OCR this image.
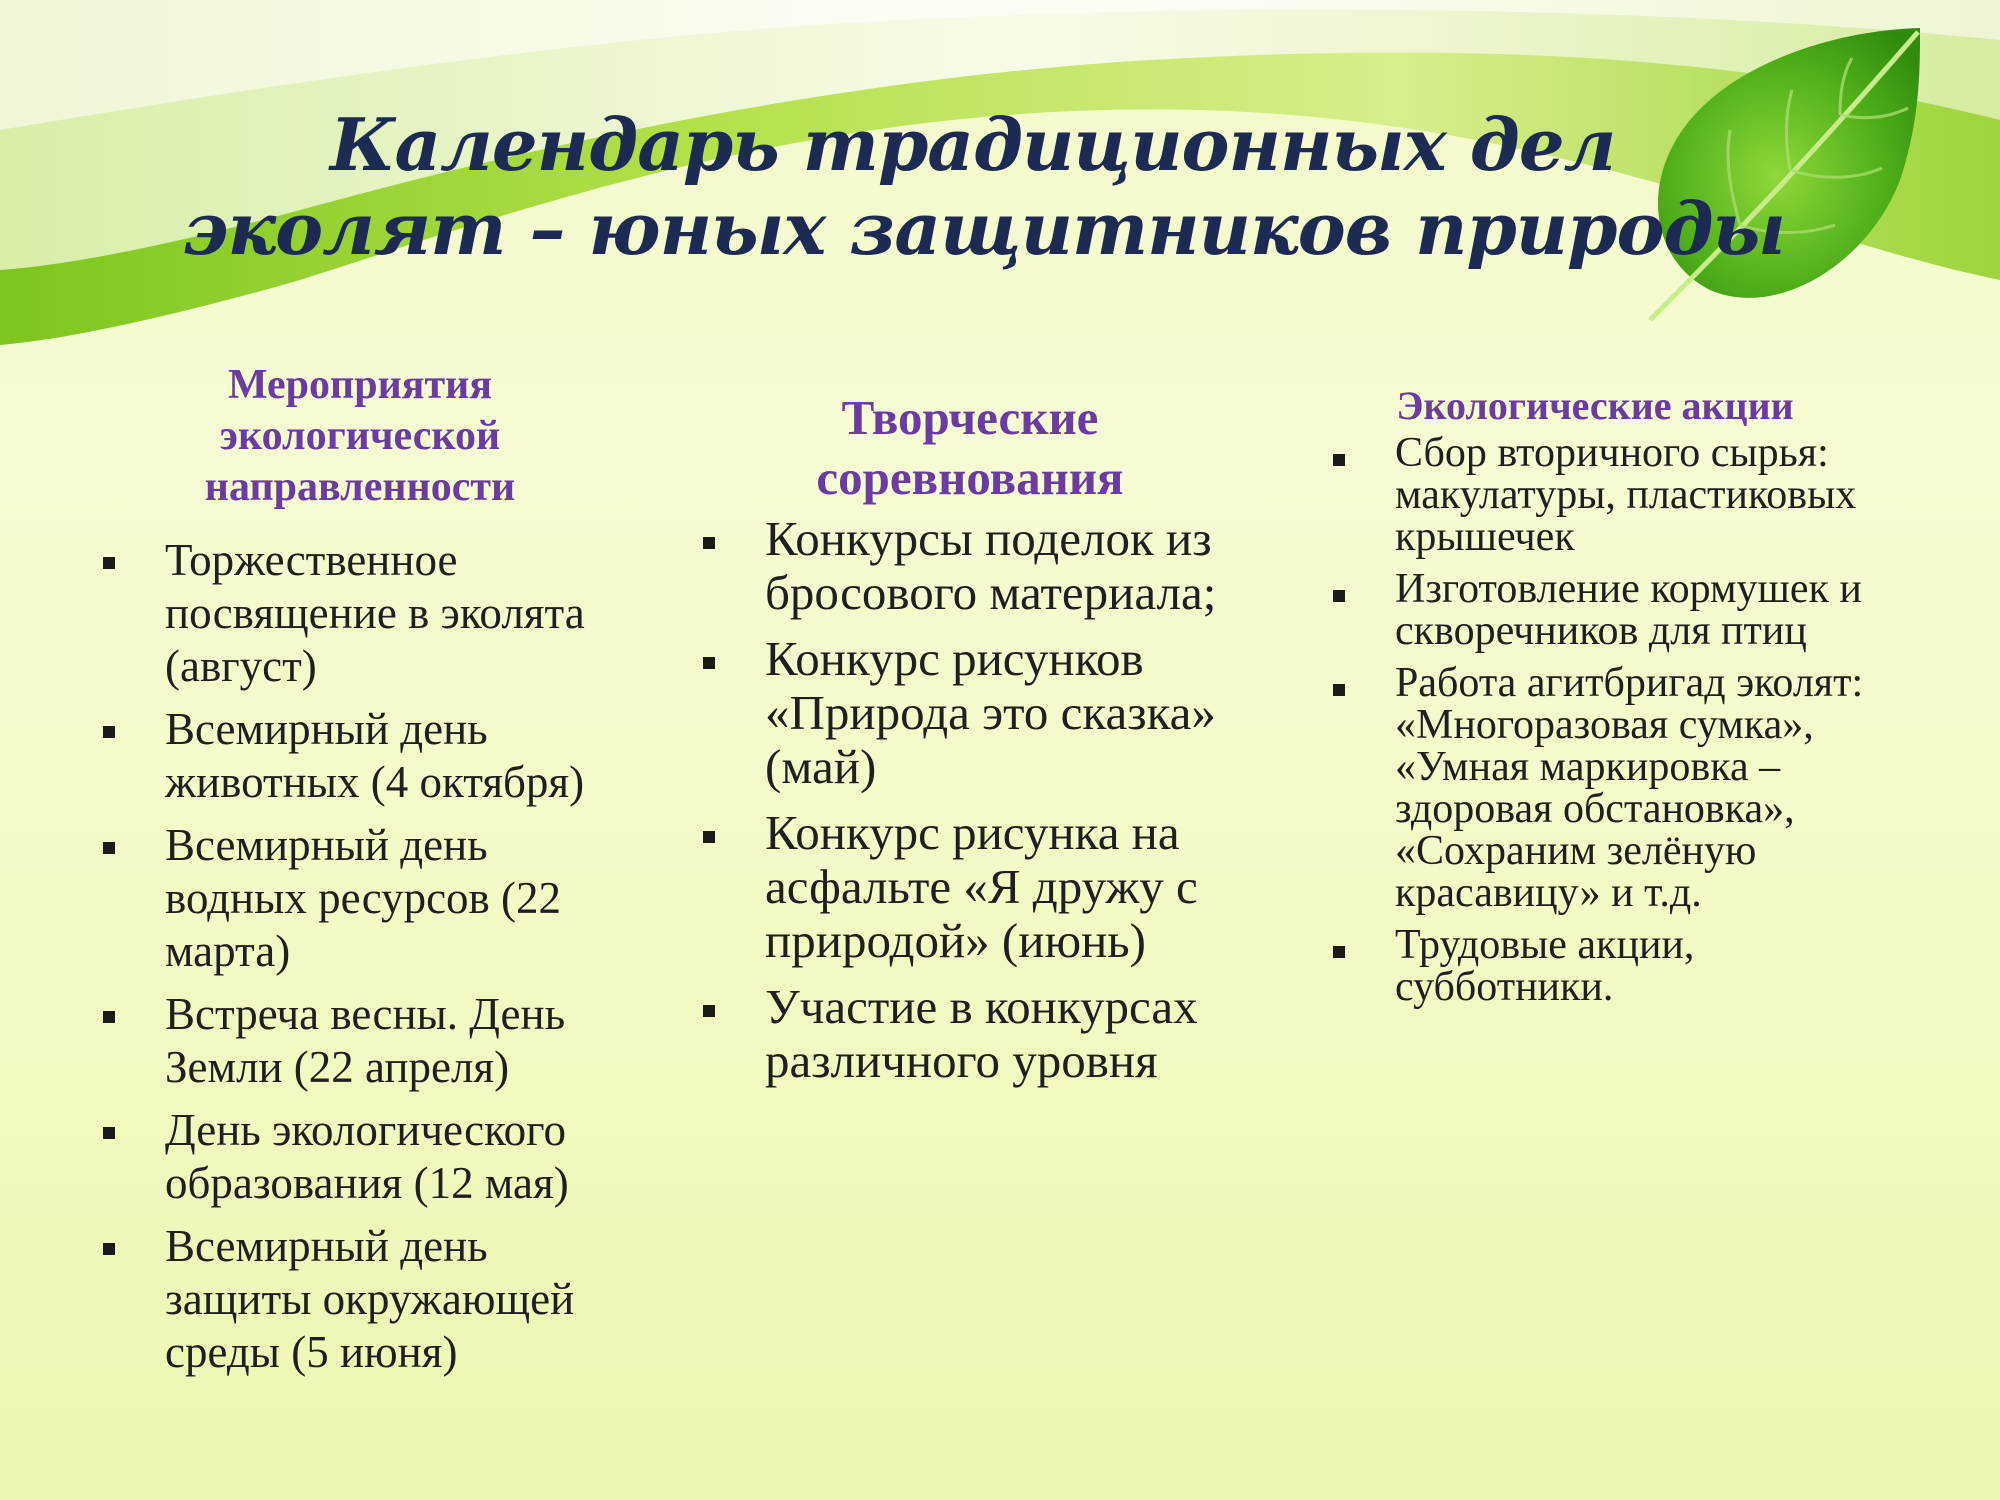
Календарь традиционных дел
эколят – юных защитников природы
Мероприятия
экологической
направленности
Торжественное посвящение в эколята (август)
Всемирный день животных (4 октября)
Всемирный день водных ресурсов (22 марта)
Встреча весны. День Земли (22 апреля)
День экологического образования (12 мая)
Всемирный день защиты окружающей среды (5 июня)
Творческие
соревнования
Конкурсы поделок из бросового материала;
Конкурс рисунков «Природа это сказка» (май)
Конкурс рисунка на асфальте «Я дружу с природой» (июнь)
Участие в конкурсах различного уровня
Экологические акции
Сбор вторичного сырья: макулатуры, пластиковых крышечек
Изготовление кормушек и скворечников для птиц
Работа агитбригад эколят: «Многоразовая сумка», «Умная маркировка – здоровая обстановка», «Сохраним зелёную красавицу» и т.д.
Трудовые акции, субботники.
